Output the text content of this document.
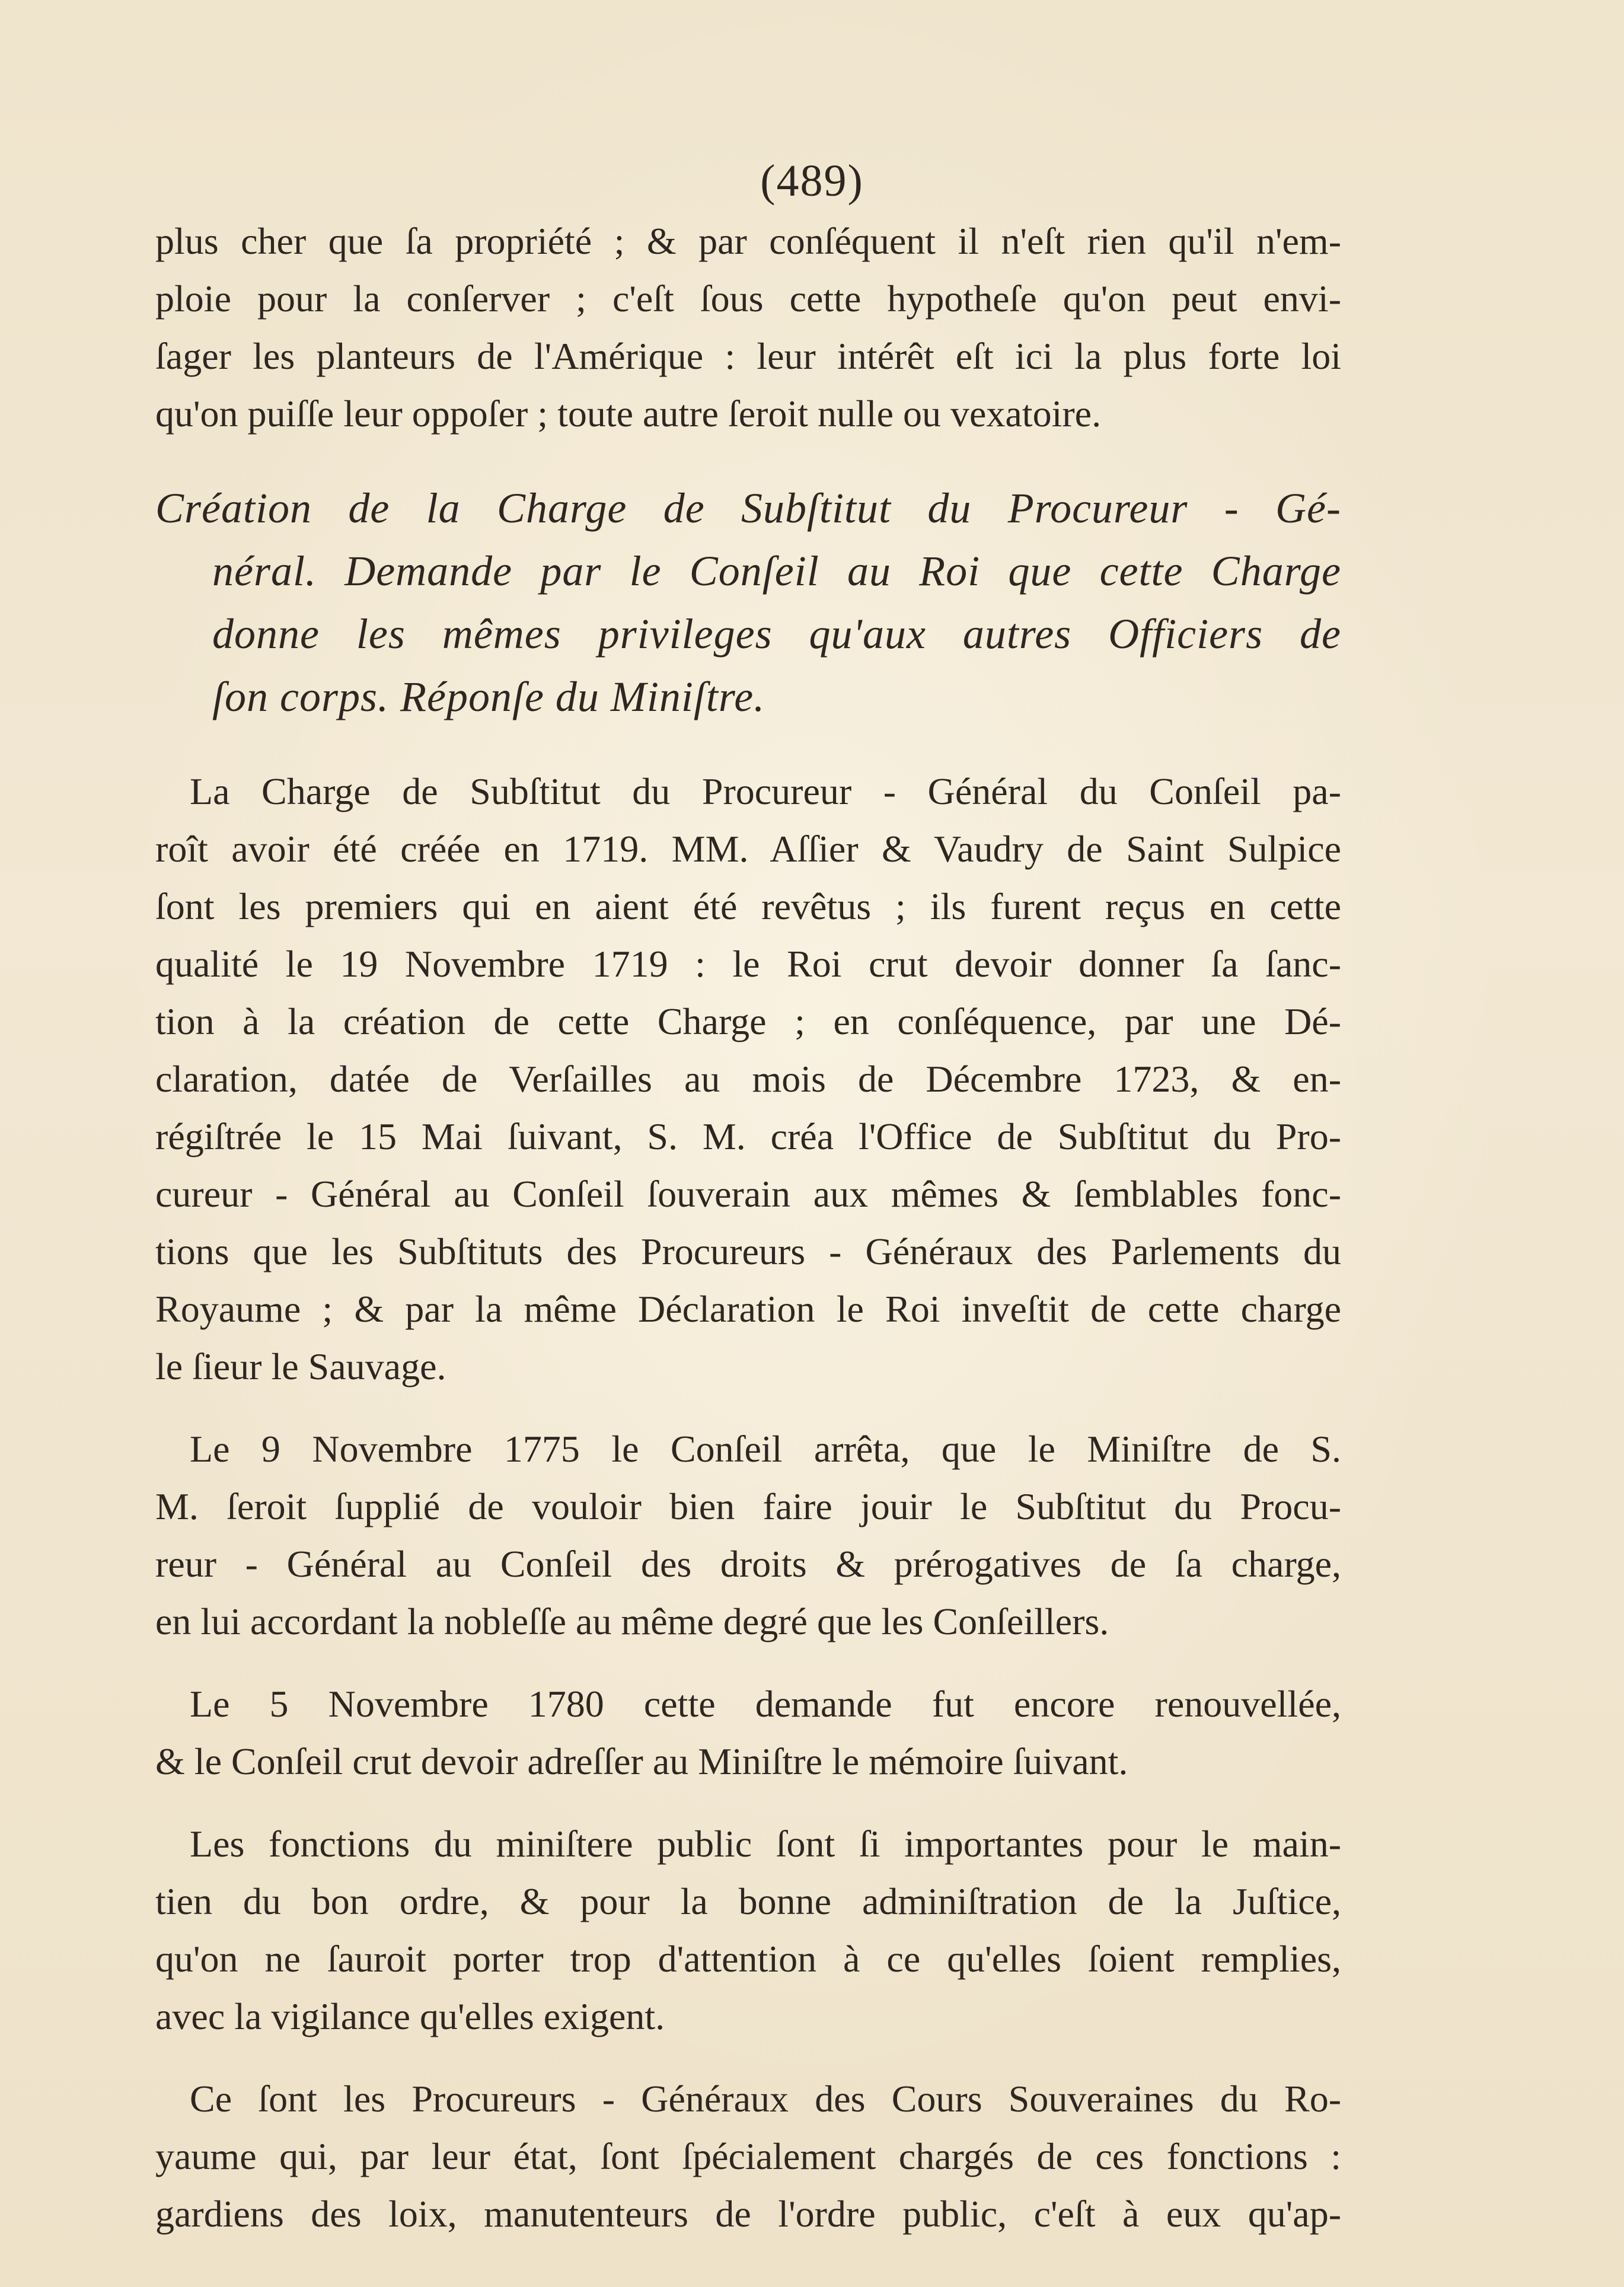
(489)
plus cher que ſa propriété ; & par conſéquent il n'eſt rien qu'il n'em-
ploie pour la conſerver ; c'eſt ſous cette hypotheſe qu'on peut envi-
ſager les planteurs de l'Amérique : leur intérêt eſt ici la plus forte loi
qu'on puiſſe leur oppoſer ; toute autre ſeroit nulle ou vexatoire.
Création de la Charge de Subſtitut du Procureur - Gé-
néral. Demande par le Conſeil au Roi que cette Charge
donne les mêmes privileges qu'aux autres Officiers de
ſon corps. Réponſe du Miniſtre.
La Charge de Subſtitut du Procureur - Général du Conſeil pa-
roît avoir été créée en 1719. MM. Aſſier & Vaudry de Saint Sulpice
ſont les premiers qui en aient été revêtus ; ils furent reçus en cette
qualité le 19 Novembre 1719 : le Roi crut devoir donner ſa ſanc-
tion à la création de cette Charge ; en conſéquence, par une Dé-
claration, datée de Verſailles au mois de Décembre 1723, & en-
régiſtrée le 15 Mai ſuivant, S. M. créa l'Office de Subſtitut du Pro-
cureur - Général au Conſeil ſouverain aux mêmes & ſemblables fonc-
tions que les Subſtituts des Procureurs - Généraux des Parlements du
Royaume ; & par la même Déclaration le Roi inveſtit de cette charge
le ſieur le Sauvage.
Le 9 Novembre 1775 le Conſeil arrêta, que le Miniſtre de S.
M. ſeroit ſupplié de vouloir bien faire jouir le Subſtitut du Procu-
reur - Général au Conſeil des droits & prérogatives de ſa charge,
en lui accordant la nobleſſe au même degré que les Conſeillers.
Le 5 Novembre 1780 cette demande fut encore renouvellée,
& le Conſeil crut devoir adreſſer au Miniſtre le mémoire ſuivant.
Les fonctions du miniſtere public ſont ſi importantes pour le main-
tien du bon ordre, & pour la bonne adminiſtration de la Juſtice,
qu'on ne ſauroit porter trop d'attention à ce qu'elles ſoient remplies,
avec la vigilance qu'elles exigent.
Ce ſont les Procureurs - Généraux des Cours Souveraines du Ro-
yaume qui, par leur état, ſont ſpécialement chargés de ces fonctions :
gardiens des loix, manutenteurs de l'ordre public, c'eſt à eux qu'ap-
